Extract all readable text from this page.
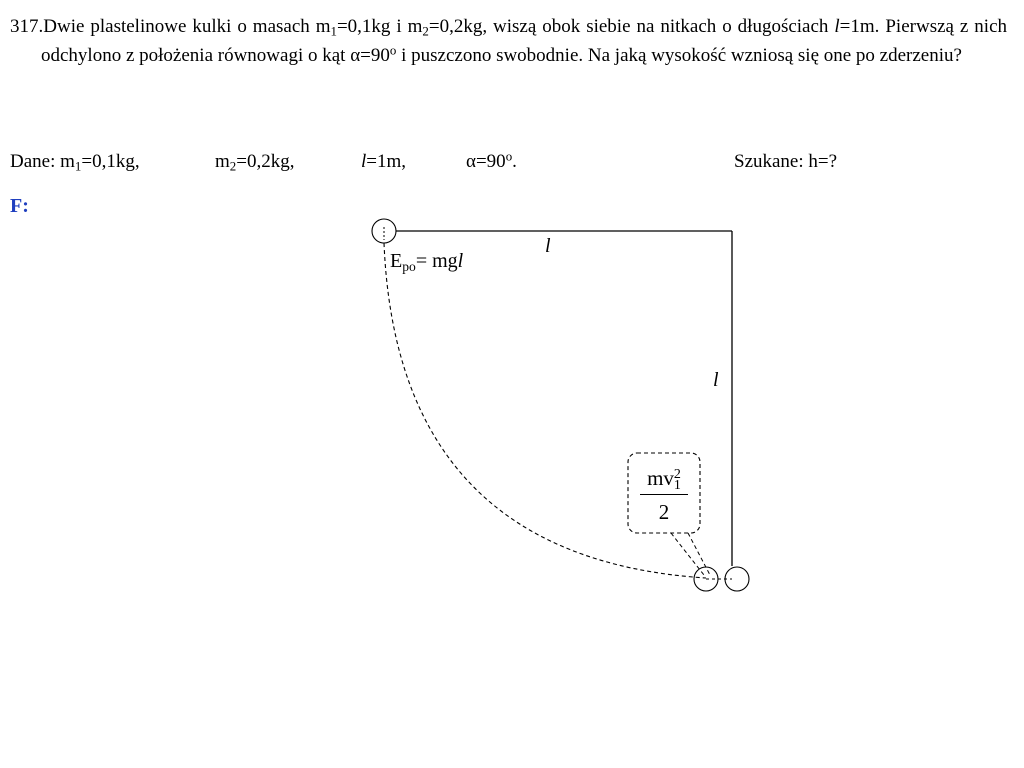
317.Dwie plastelinowe kulki o masach $m_1=0,1kg$ i $m_2=0,2kg$, wiszą obok siebie na nitkach o długościach l=1m. Pierwszą z nich odchylono z położenia równowagi o kąt $\alpha=90^o$ i puszczono swobodnie. Na jaką wysokość wzniosą się one po zderzeniu?
Dane: $m_1=0,1kg$,	$m_2=0,2kg$,	l=1m,	$\alpha=90^o$.	Szukane: h=?
F:
l
l
$E_{po}=$ mgl
mv 2
1
2
